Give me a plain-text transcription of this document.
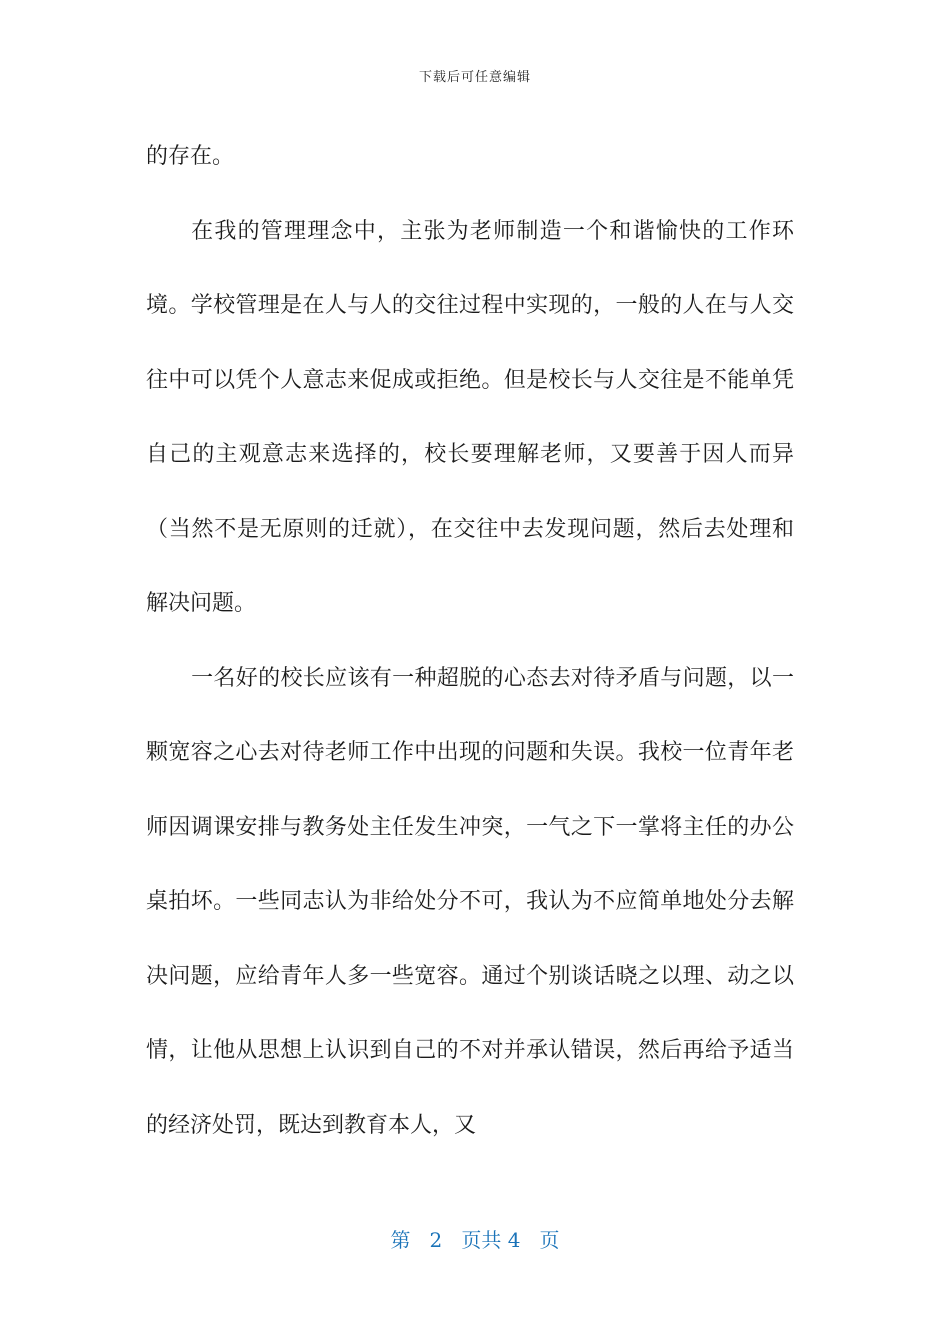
下载后可任意编辑

的存在。

在我的管理理念中，主张为老师制造一个和谐愉快的工作环境。学校管理是在人与人的交往过程中实现的，一般的人在与人交往中可以凭个人意志来促成或拒绝。但是校长与人交往是不能单凭自己的主观意志来选择的，校长要理解老师，又要善于因人而异（当然不是无原则的迁就），在交往中去发现问题，然后去处理和解决问题。

一名好的校长应该有一种超脱的心态去对待矛盾与问题，以一颗宽容之心去对待老师工作中出现的问题和失误。我校一位青年老师因调课安排与教务处主任发生冲突，一气之下一掌将主任的办公桌拍坏。一些同志认为非给处分不可，我认为不应简单地处分去解决问题，应给青年人多一些宽容。通过个别谈话晓之以理、动之以情，让他从思想上认识到自己的不对并承认错误，然后再给予适当的经济处罚，既达到教育本人，又

第 2 页共 4 页
